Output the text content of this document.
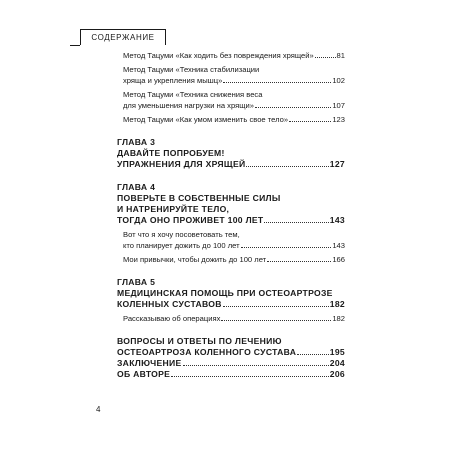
СОДЕРЖАНИЕ
Метод Тацуми «Как ходить без повреждения хрящей»	81
Метод Тацуми «Техника стабилизации
хряща и укрепления мышц»	102
Метод Тацуми «Техника снижения веса
для уменьшения нагрузки на хрящи»	107
Метод Тацуми «Как умом изменить свое тело»	123
ГЛАВА 3
ДАВАЙТЕ ПОПРОБУЕМ!
УПРАЖНЕНИЯ ДЛЯ ХРЯЩЕЙ	127
ГЛАВА 4
ПОВЕРЬТЕ В СОБСТВЕННЫЕ СИЛЫ
И НАТРЕНИРУЙТЕ ТЕЛО,
ТОГДА ОНО ПРОЖИВЕТ 100 ЛЕТ	143
Вот что я хочу посоветовать тем,
кто планирует дожить до 100 лет	143
Мои привычки, чтобы дожить до 100 лет	166
ГЛАВА 5
МЕДИЦИНСКАЯ ПОМОЩЬ ПРИ ОСТЕОАРТРОЗЕ
КОЛЕННЫХ СУСТАВОВ	182
Рассказываю об операциях	182
ВОПРОСЫ И ОТВЕТЫ ПО ЛЕЧЕНИЮ
ОСТЕОАРТРОЗА КОЛЕННОГО СУСТАВА	195
ЗАКЛЮЧЕНИЕ	204
ОБ АВТОРЕ	206
4
